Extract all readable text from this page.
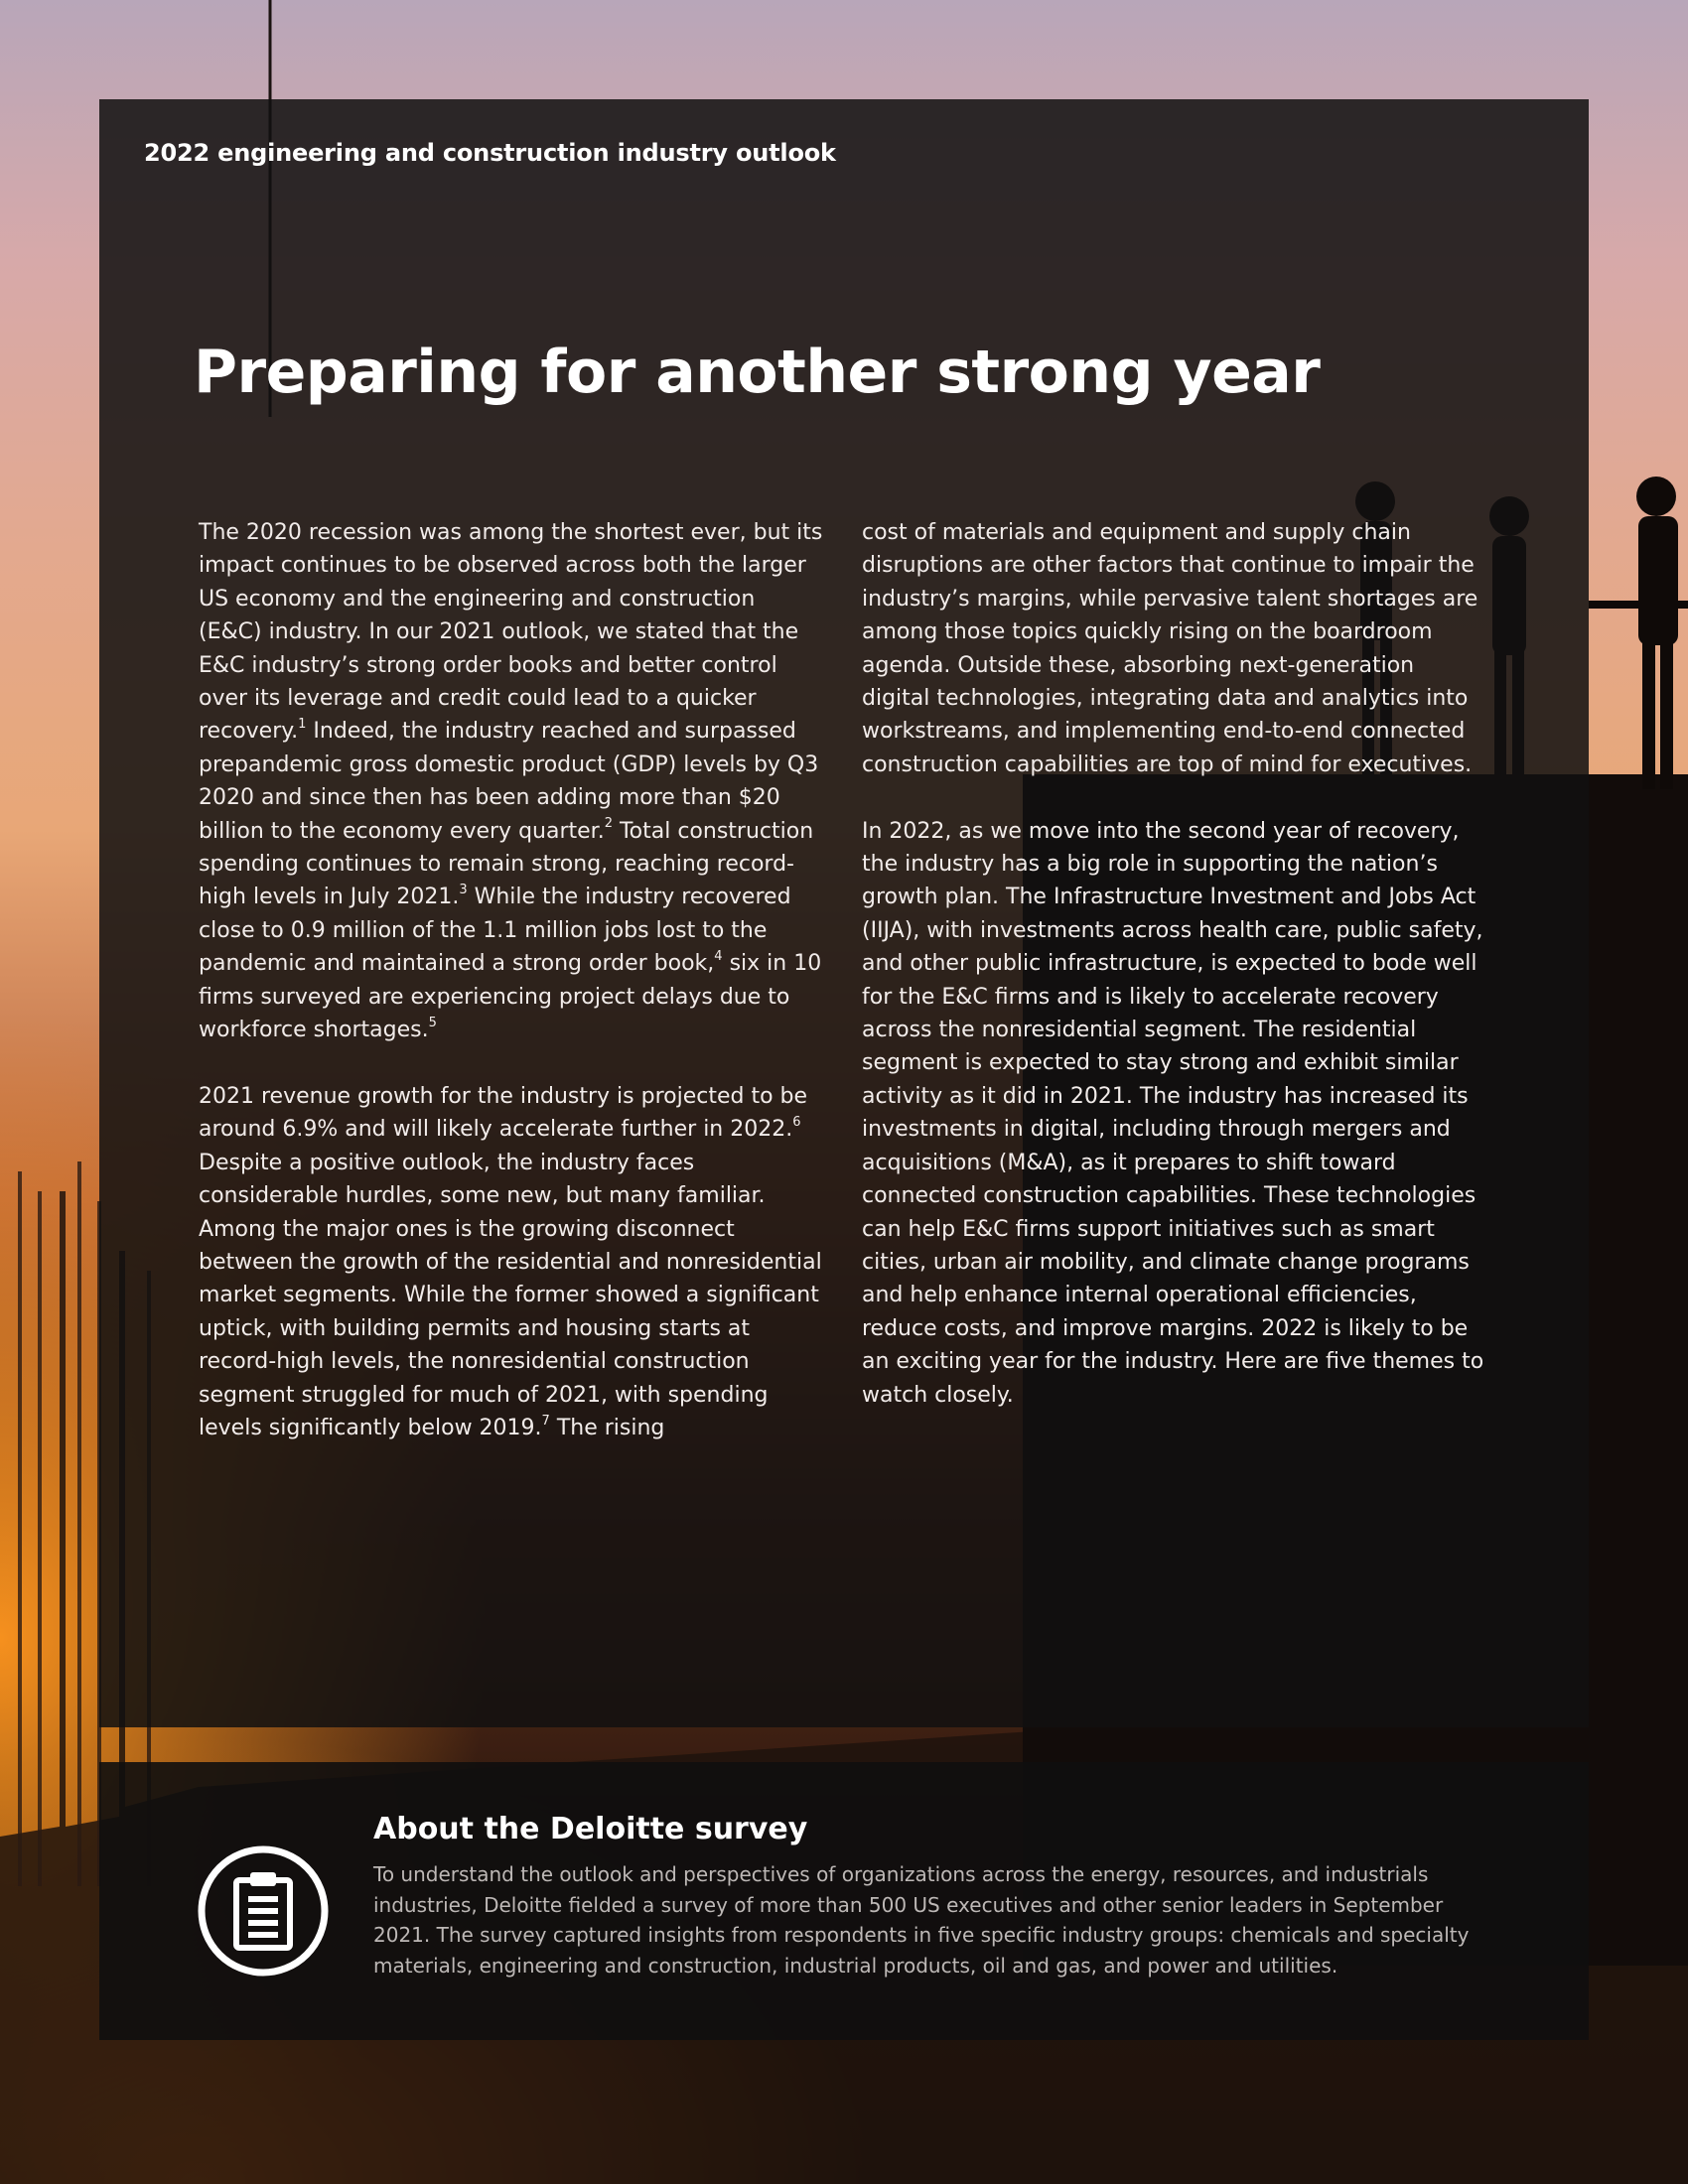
2022 engineering and construction industry outlook
Preparing for another strong year

The 2020 recession was among the shortest ever, but its impact continues to be observed across both the larger US economy and the engineering and construction (E&C) industry. In our 2021 outlook, we stated that the E&C industry’s strong order books and better control over its leverage and credit could lead to a quicker recovery.$^1$ Indeed, the industry reached and surpassed prepandemic gross domestic product (GDP) levels by Q3 2020 and since then has been adding more than $20 billion to the economy every quarter.$^2$ Total construction spending continues to remain strong, reaching record-high levels in July 2021.$^3$ While the industry recovered close to 0.9 million of the 1.1 million jobs lost to the pandemic and maintained a strong order book,$^4$ six in 10 firms surveyed are experiencing project delays due to workforce shortages.$^5$

2021 revenue growth for the industry is projected to be around 6.9% and will likely accelerate further in 2022.$^6$ Despite a positive outlook, the industry faces considerable hurdles, some new, but many familiar. Among the major ones is the growing disconnect between the growth of the residential and nonresidential market segments. While the former showed a significant uptick, with building permits and housing starts at record-high levels, the nonresidential construction segment struggled for much of 2021, with spending levels significantly below 2019.$^7$ The rising

cost of materials and equipment and supply chain disruptions are other factors that continue to impair the industry’s margins, while pervasive talent shortages are among those topics quickly rising on the boardroom agenda. Outside these, absorbing next-generation digital technologies, integrating data and analytics into workstreams, and implementing end-to-end connected construction capabilities are top of mind for executives.

In 2022, as we move into the second year of recovery, the industry has a big role in supporting the nation’s growth plan. The Infrastructure Investment and Jobs Act (IIJA), with investments across health care, public safety, and other public infrastructure, is expected to bode well for the E&C firms and is likely to accelerate recovery across the nonresidential segment. The residential segment is expected to stay strong and exhibit similar activity as it did in 2021. The industry has increased its investments in digital, including through mergers and acquisitions (M&A), as it prepares to shift toward connected construction capabilities. These technologies can help E&C firms support initiatives such as smart cities, urban air mobility, and climate change programs and help enhance internal operational efficiencies, reduce costs, and improve margins. 2022 is likely to be an exciting year for the industry. Here are five themes to watch closely.

About the Deloitte survey

To understand the outlook and perspectives of organizations across the energy, resources, and industrials industries, Deloitte fielded a survey of more than 500 US executives and other senior leaders in September 2021. The survey captured insights from respondents in five specific industry groups: chemicals and specialty materials, engineering and construction, industrial products, oil and gas, and power and utilities.
